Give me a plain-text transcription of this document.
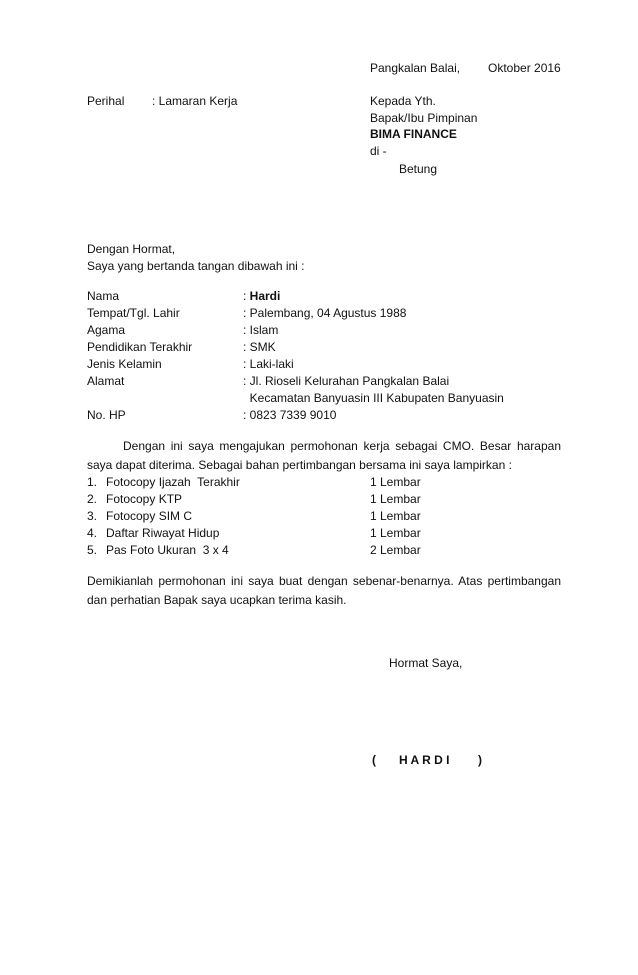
Pangkalan Balai, Oktober 2016
Perihal : Lamaran Kerja	Kepada Yth.
Bapak/Ibu Pimpinan
BIMA FINANCE
di -
Betung
Dengan Hormat,
Saya yang bertanda tangan dibawah ini :
Nama	: Hardi
Tempat/Tgl. Lahir	: Palembang, 04 Agustus 1988
Agama	: Islam
Pendidikan Terakhir	: SMK
Jenis Kelamin	: Laki-laki
Alamat	: Jl. Rioseli Kelurahan Pangkalan Balai
Kecamatan Banyuasin III Kabupaten Banyuasin
No. HP	: 0823 7339 9010
Dengan ini saya mengajukan permohonan kerja sebagai CMO. Besar harapan saya dapat diterima. Sebagai bahan pertimbangan bersama ini saya lampirkan :
1. Fotocopy Ijazah  Terakhir	1 Lembar
2. Fotocopy KTP	1 Lembar
3. Fotocopy SIM C	1 Lembar
4. Daftar Riwayat Hidup	1 Lembar
5. Pas Foto Ukuran  3 x 4	2 Lembar
Demikianlah permohonan ini saya buat dengan sebenar-benarnya. Atas pertimbangan dan perhatian Bapak saya ucapkan terima kasih.
Hormat Saya,
( H A R D I )
